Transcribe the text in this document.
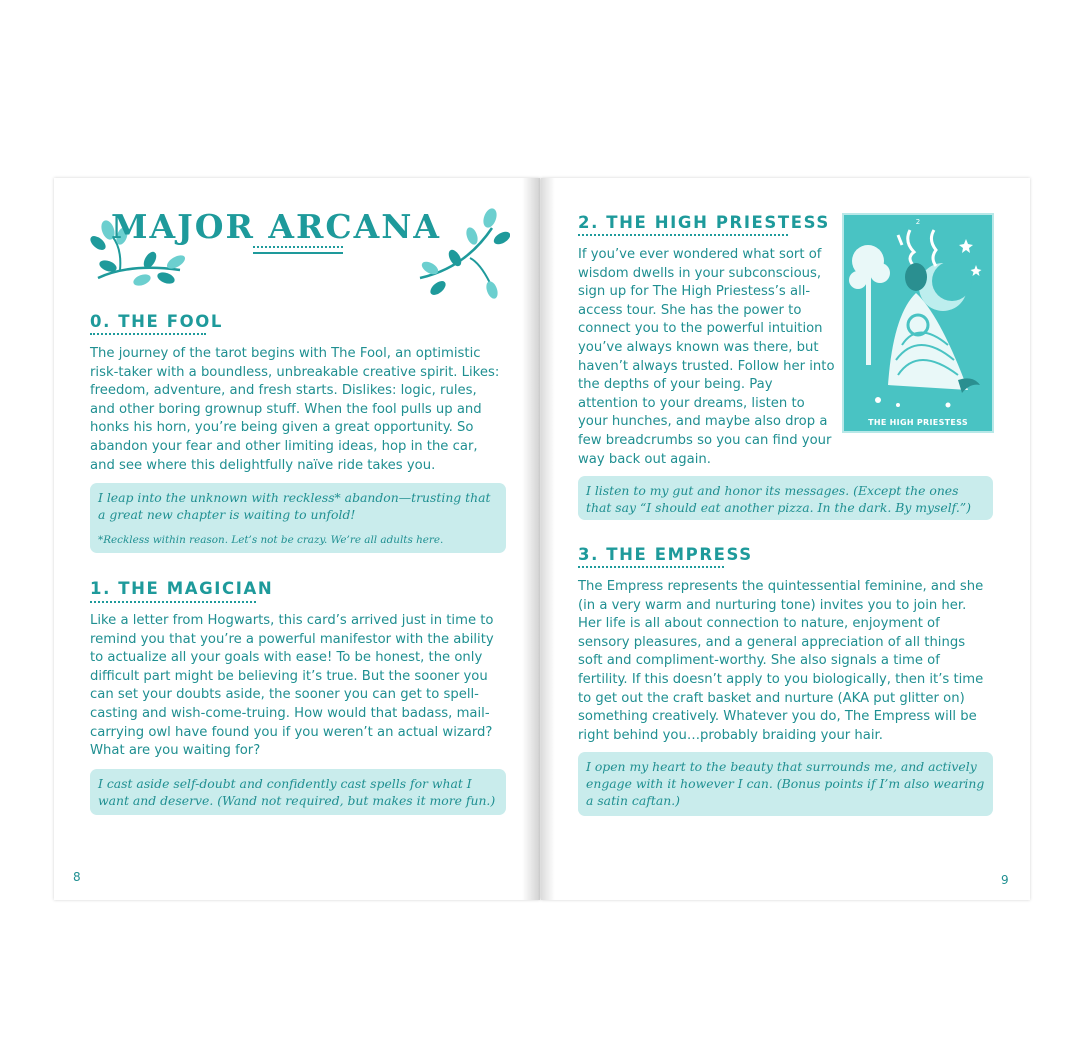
MAJOR ARCANA
0. THE FOOL

The journey of the tarot begins with The Fool, an optimistic risk-taker with a boundless, unbreakable creative spirit. Likes: freedom, adventure, and fresh starts. Dislikes: logic, rules, and other boring grownup stuff. When the fool pulls up and honks his horn, you’re being given a great opportunity. So abandon your fear and other limiting ideas, hop in the car, and see where this delightfully naïve ride takes you.

I leap into the unknown with reckless* abandon—trusting that a great new chapter is waiting to unfold!
*Reckless within reason. Let’s not be crazy. We’re all adults here.
1. THE MAGICIAN

Like a letter from Hogwarts, this card’s arrived just in time to remind you that you’re a powerful manifestor with the ability to actualize all your goals with ease! To be honest, the only difficult part might be believing it’s true. But the sooner you can set your doubts aside, the sooner you can get to spell-casting and wish-come-truing. How would that badass, mail-carrying owl have found you if you weren’t an actual wizard? What are you waiting for?

I cast aside self-doubt and confidently cast spells for what I want and deserve. (Wand not required, but makes it more fun.)
8
2. THE HIGH PRIESTESS

If you’ve ever wondered what sort of wisdom dwells in your subconscious, sign up for The High Priestess’s all-access tour. She has the power to connect you to the powerful intuition you’ve always known was there, but haven’t always trusted. Follow her into the depths of your being. Pay attention to your dreams, listen to your hunches, and maybe also drop a few breadcrumbs so you can find your way back out again.

2
THE HIGH PRIESTESS
I listen to my gut and honor its messages. (Except the ones that say “I should eat another pizza. In the dark. By myself.”)
3. THE EMPRESS

The Empress represents the quintessential feminine, and she (in a very warm and nurturing tone) invites you to join her. Her life is all about connection to nature, enjoyment of sensory pleasures, and a general appreciation of all things soft and compliment-worthy. She also signals a time of fertility. If this doesn’t apply to you biologically, then it’s time to get out the craft basket and nurture (AKA put glitter on) something creatively. Whatever you do, The Empress will be right behind you…probably braiding your hair.

I open my heart to the beauty that surrounds me, and actively engage with it however I can. (Bonus points if I’m also wearing a satin caftan.)
9
